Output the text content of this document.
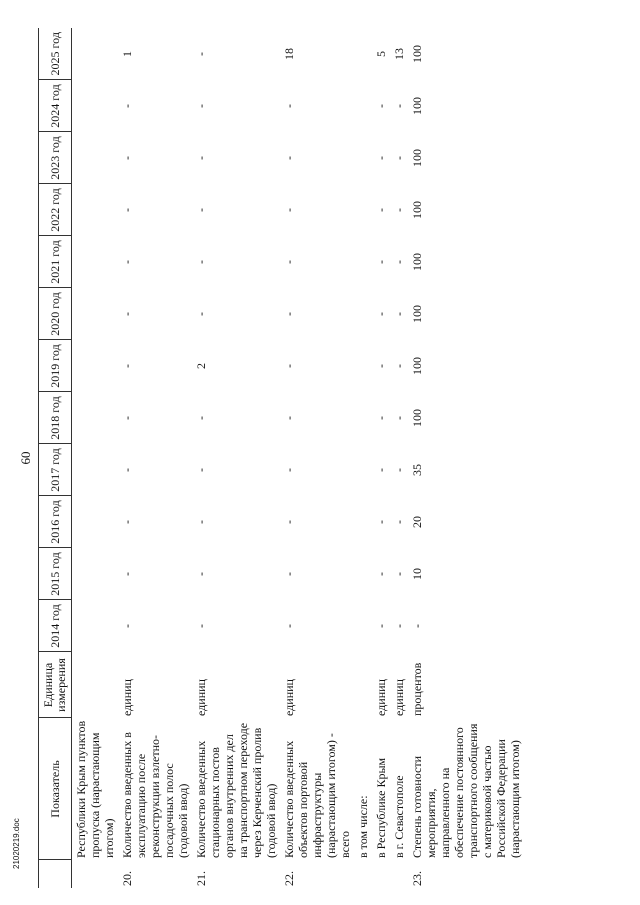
60
	Показатель	Единица измерения	2014 год	2015 год	2016 год	2017 год	2018 год	2019 год	2020 год	2021 год	2022 год	2023 год	2024 год	2025 год
	Республики Крым пунктов пропуска (нарастающим итогом)													
20.	Количество введенных в эксплуатацию после реконструкции взлетно-посадочных полос (годовой ввод)	единиц	-	-	-	-	-	-	-	-	-	-	-	1
21.	Количество введенных стационарных постов органов внутренних дел на транспортном переходе через Керченский пролив (годовой ввод)	единиц	-	-	-	-	-	2	-	-	-	-	-	-
22.	Количество введенных объектов портовой инфраструктуры (нарастающим итогом) - всего	единиц	-	-	-	-	-	-	-	-	-	-	-	18
	в том числе:													
	в Республике Крым	единиц	-	-	-	-	-	-	-	-	-	-	-	5
	в г. Севастополе	единиц	-	-	-	-	-	-	-	-	-	-	-	13
23.	Степень готовности мероприятия, направленного на обеспечение постоянного транспортного сообщения с материковой частью Российской Федерации (нарастающим итогом)	процентов	-	10	20	35	100	100	100	100	100	100	100	100
21020219.doc
